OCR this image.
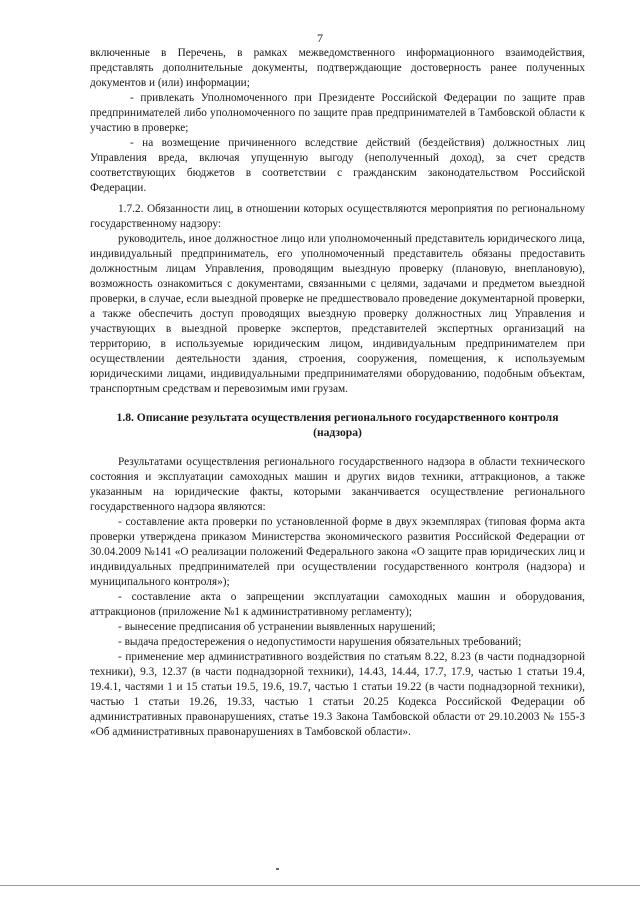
7

включенные в Перечень, в рамках межведомственного информационного взаимодействия, представлять дополнительные документы, подтверждающие достоверность ранее полученных документов и (или) информации;

- привлекать Уполномоченного при Президенте Российской Федерации по защите прав предпринимателей либо уполномоченного по защите прав предпринимателей в Тамбовской области к участию в проверке;

- на возмещение причиненного вследствие действий (бездействия) должностных лиц Управления вреда, включая упущенную выгоду (неполученный доход), за счет средств соответствующих бюджетов в соответствии с гражданским законодательством Российской Федерации.

1.7.2. Обязанности лиц, в отношении которых осуществляются мероприятия по региональному государственному надзору:

руководитель, иное должностное лицо или уполномоченный представитель юридического лица, индивидуальный предприниматель, его уполномоченный представитель обязаны предоставить должностным лицам Управления, проводящим выездную проверку (плановую, внеплановую), возможность ознакомиться с документами, связанными с целями, задачами и предметом выездной проверки, в случае, если выездной проверке не предшествовало проведение документарной проверки, а также обеспечить доступ проводящих выездную проверку должностных лиц Управления и участвующих в выездной проверке экспертов, представителей экспертных организаций на территорию, в используемые юридическим лицом, индивидуальным предпринимателем при осуществлении деятельности здания, строения, сооружения, помещения, к используемым юридическими лицами, индивидуальными предпринимателями оборудованию, подобным объектам, транспортным средствам и перевозимым ими грузам.

1.8. Описание результата осуществления регионального государственного контроля (надзора)

Результатами осуществления регионального государственного надзора в области технического состояния и эксплуатации самоходных машин и других видов техники, аттракционов, а также указанным на юридические факты, которыми заканчивается осуществление регионального государственного надзора являются:

- составление акта проверки по установленной форме в двух экземплярах (типовая форма акта проверки утверждена приказом Министерства экономического развития Российской Федерации от 30.04.2009 №141 «О реализации положений Федерального закона «О защите прав юридических лиц и индивидуальных предпринимателей при осуществлении государственного контроля (надзора) и муниципального контроля»);

- составление акта о запрещении эксплуатации самоходных машин и оборудования, аттракционов (приложение №1 к административному регламенту);

- вынесение предписания об устранении выявленных нарушений;

- выдача предостережения о недопустимости нарушения обязательных требований;

- применение мер административного воздействия по статьям 8.22, 8.23 (в части поднадзорной техники), 9.3, 12.37 (в части поднадзорной техники), 14.43, 14.44, 17.7, 17.9, частью 1 статьи 19.4, 19.4.1, частями 1 и 15 статьи 19.5, 19.6, 19.7, частью 1 статьи 19.22 (в части поднадзорной техники), частью 1 статьи 19.26, 19.33, частью 1 статьи 20.25 Кодекса Российской Федерации об административных правонарушениях, статье 19.3 Закона Тамбовской области от 29.10.2003 № 155-З «Об административных правонарушениях в Тамбовской области».
